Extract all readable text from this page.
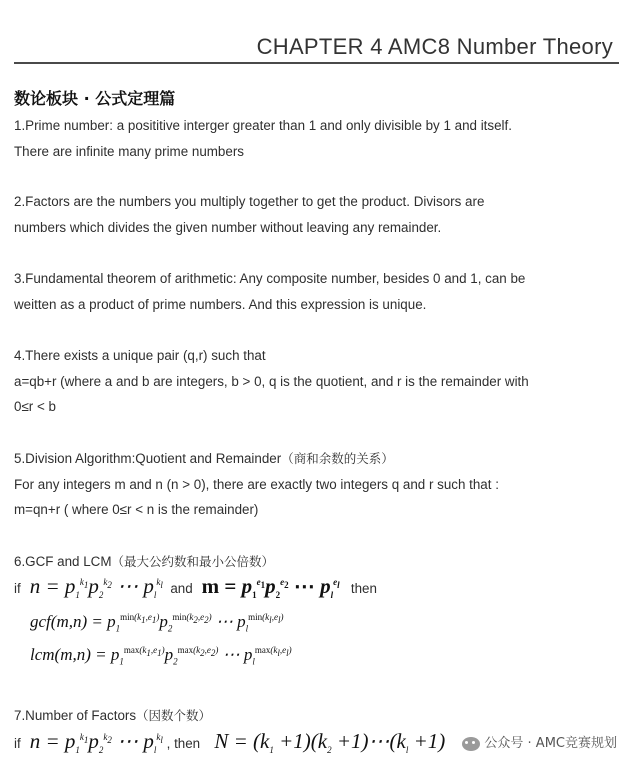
CHAPTER 4 AMC8 Number Theory
数论板块 · 公式定理篇
1.Prime number: a posititive interger greater than 1 and only divisible by 1 and itself.
There are infinite many prime numbers
2.Factors are the numbers you multiply together to get the product. Divisors are
numbers which divides the given number without leaving any remainder.
3.Fundamental theorem of arithmetic: Any composite number, besides 0 and 1, can be
weitten as a product of prime numbers. And this expression is unique.
4.There exists a unique pair (q,r) such that
a=qb+r (where a and b are integers, b > 0, q is the quotient, and r is the remainder with
0≤r < b
5.Division Algorithm:Quotient and Remainder（商和余数的关系）
For any integers m and n (n > 0), there are exactly two integers q and r such that :
m=qn+r ( where 0≤r < n is the remainder)
6.GCF and LCM（最大公约数和最小公倍数）
if  $n = p_1^{k_1}p_2^{k_2}$ ⋯ $p_l^{k_l}$ and  $m = p_1^{e_1}p_2^{e_2}$ ⋯ $p_l^{e_l}$ then
$gcf(m,n) = p_1^{min(k_1,e_1)}p_2^{min(k_2,e_2)}$ ⋯ $p_l^{min(k_l,e_l)}$
$lcm(m,n) = p_1^{max(k_1,e_1)}p_2^{max(k_2,e_2)}$ ⋯ $p_l^{max(k_l,e_l)}$
7.Number of Factors（因数个数）
if  $n = p_1^{k_1}p_2^{k_2}$ ⋯ $p_l^{k_l}$ , then   $N = (k_1 +1)(k_2$ $+1)\cdots(k_l +1)$	公众号 · AMC竞赛规划
